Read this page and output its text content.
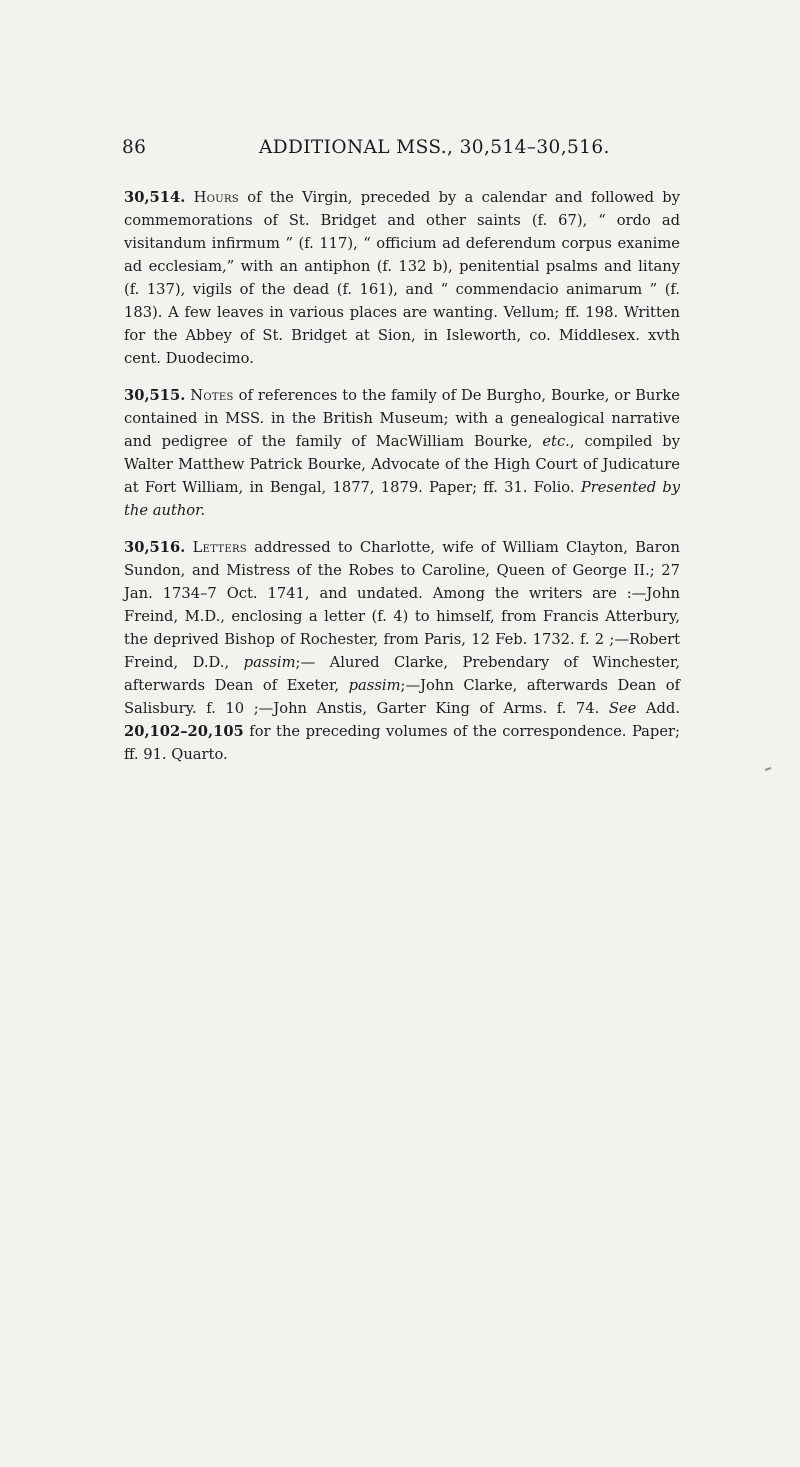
86	ADDITIONAL MSS., 30,514–30,516.

30,514. Hours of the Virgin, preceded by a calendar and followed by commemorations of St. Bridget and other saints (f. 67), “ ordo ad visitandum infirmum ” (f. 117), “ officium ad deferendum corpus exanime ad ecclesiam,” with an antiphon (f. 132 b), penitential psalms and litany (f. 137), vigils of the dead (f. 161), and “ commendacio animarum ” (f. 183). A few leaves in various places are wanting. Vellum; ff. 198. Written for the Abbey of St. Bridget at Sion, in Isleworth, co. Middlesex. xvth cent. Duodecimo.

30,515. Notes of references to the family of De Burgho, Bourke, or Burke contained in MSS. in the British Museum; with a genealogical narrative and pedigree of the family of MacWilliam Bourke, etc., compiled by Walter Matthew Patrick Bourke, Advocate of the High Court of Judicature at Fort William, in Bengal, 1877, 1879. Paper; ff. 31. Folio. Presented by the author.

30,516. Letters addressed to Charlotte, wife of William Clayton, Baron Sundon, and Mistress of the Robes to Caroline, Queen of George II.; 27 Jan. 1734–7 Oct. 1741, and undated. Among the writers are :—John Freind, M.D., enclosing a letter (f. 4) to himself, from Francis Atterbury, the deprived Bishop of Rochester, from Paris, 12 Feb. 1732. f. 2 ;—Robert Freind, D.D., passim;— Alured Clarke, Prebendary of Winchester, afterwards Dean of Exeter, passim;—John Clarke, afterwards Dean of Salisbury. f. 10 ;—John Anstis, Garter King of Arms. f. 74. See Add. 20,102–20,105 for the preceding volumes of the correspondence. Paper; ff. 91. Quarto.
